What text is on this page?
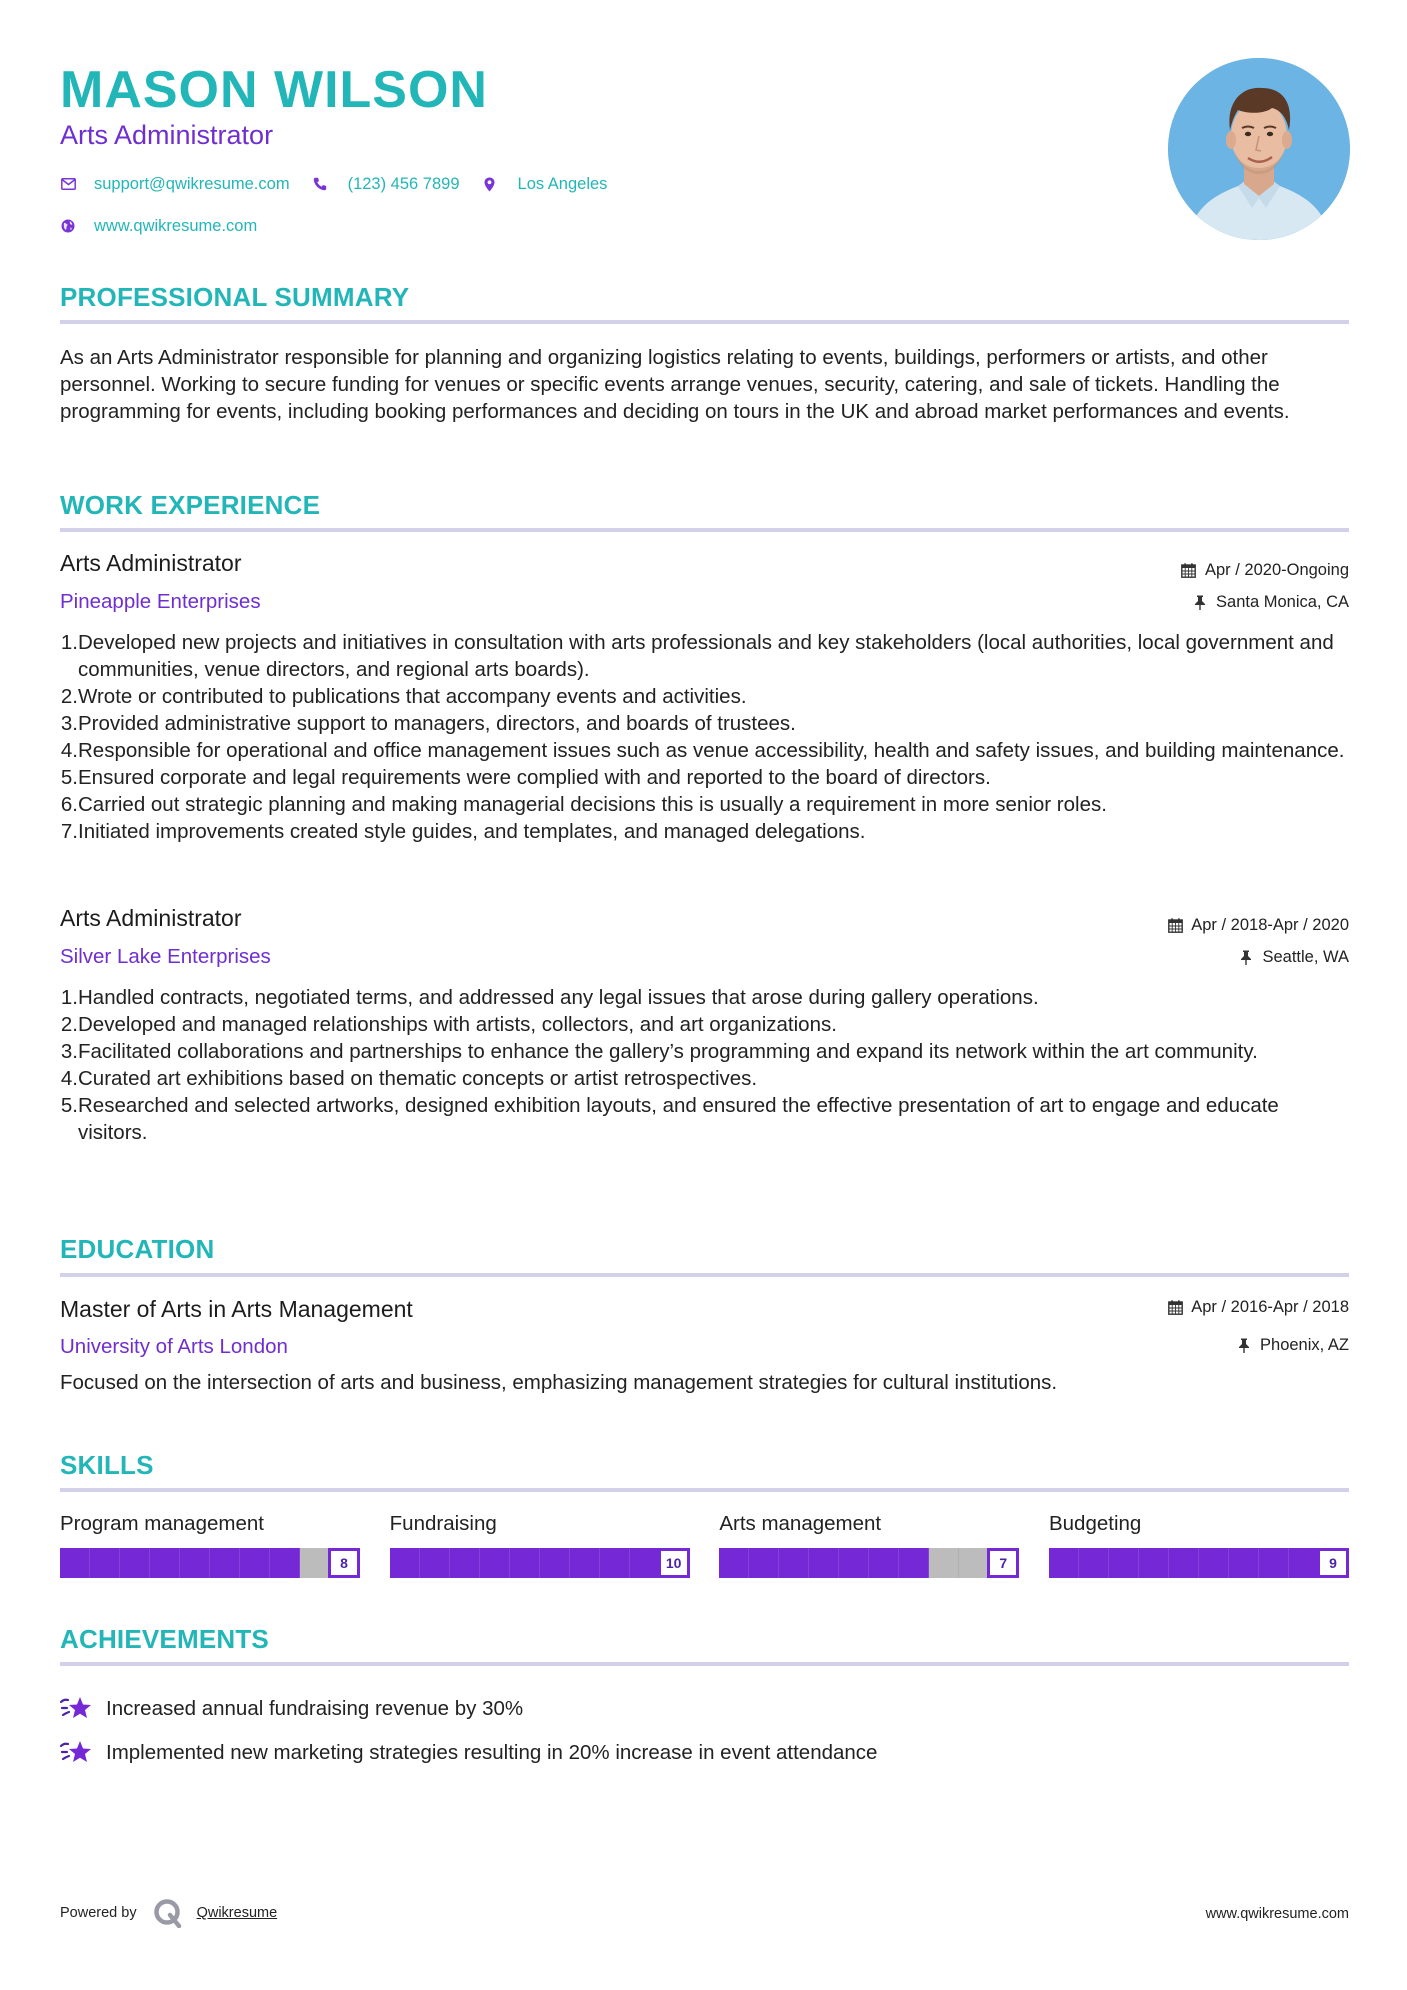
MASON WILSON
Arts Administrator
support@qwikresume.com	(123) 456 7899	Los Angeles
www.qwikresume.com
PROFESSIONAL SUMMARY
As an Arts Administrator responsible for planning and organizing logistics relating to events, buildings, performers or artists, and other personnel. Working to secure funding for venues or specific events arrange venues, security, catering, and sale of tickets. Handling the programming for events, including booking performances and deciding on tours in the UK and abroad market performances and events.
WORK EXPERIENCE
Arts Administrator
Pineapple Enterprises
Apr / 2020-Ongoing
Santa Monica, CA
1. Developed new projects and initiatives in consultation with arts professionals and key stakeholders (local authorities, local government and communities, venue directors, and regional arts boards).
2. Wrote or contributed to publications that accompany events and activities.
3. Provided administrative support to managers, directors, and boards of trustees.
4. Responsible for operational and office management issues such as venue accessibility, health and safety issues, and building maintenance.
5. Ensured corporate and legal requirements were complied with and reported to the board of directors.
6. Carried out strategic planning and making managerial decisions this is usually a requirement in more senior roles.
7. Initiated improvements created style guides, and templates, and managed delegations.
Arts Administrator
Silver Lake Enterprises
Apr / 2018-Apr / 2020
Seattle, WA
1. Handled contracts, negotiated terms, and addressed any legal issues that arose during gallery operations.
2. Developed and managed relationships with artists, collectors, and art organizations.
3. Facilitated collaborations and partnerships to enhance the gallery’s programming and expand its network within the art community.
4. Curated art exhibitions based on thematic concepts or artist retrospectives.
5. Researched and selected artworks, designed exhibition layouts, and ensured the effective presentation of art to engage and educate visitors.
EDUCATION
Master of Arts in Arts Management
University of Arts London
Apr / 2016-Apr / 2018
Phoenix, AZ
Focused on the intersection of arts and business, emphasizing management strategies for cultural institutions.
SKILLS
Program management
8
Fundraising
10
Arts management
7
Budgeting
9
ACHIEVEMENTS
Increased annual fundraising revenue by 30%
Implemented new marketing strategies resulting in 20% increase in event attendance
Powered by	Qwikresume	www.qwikresume.com
